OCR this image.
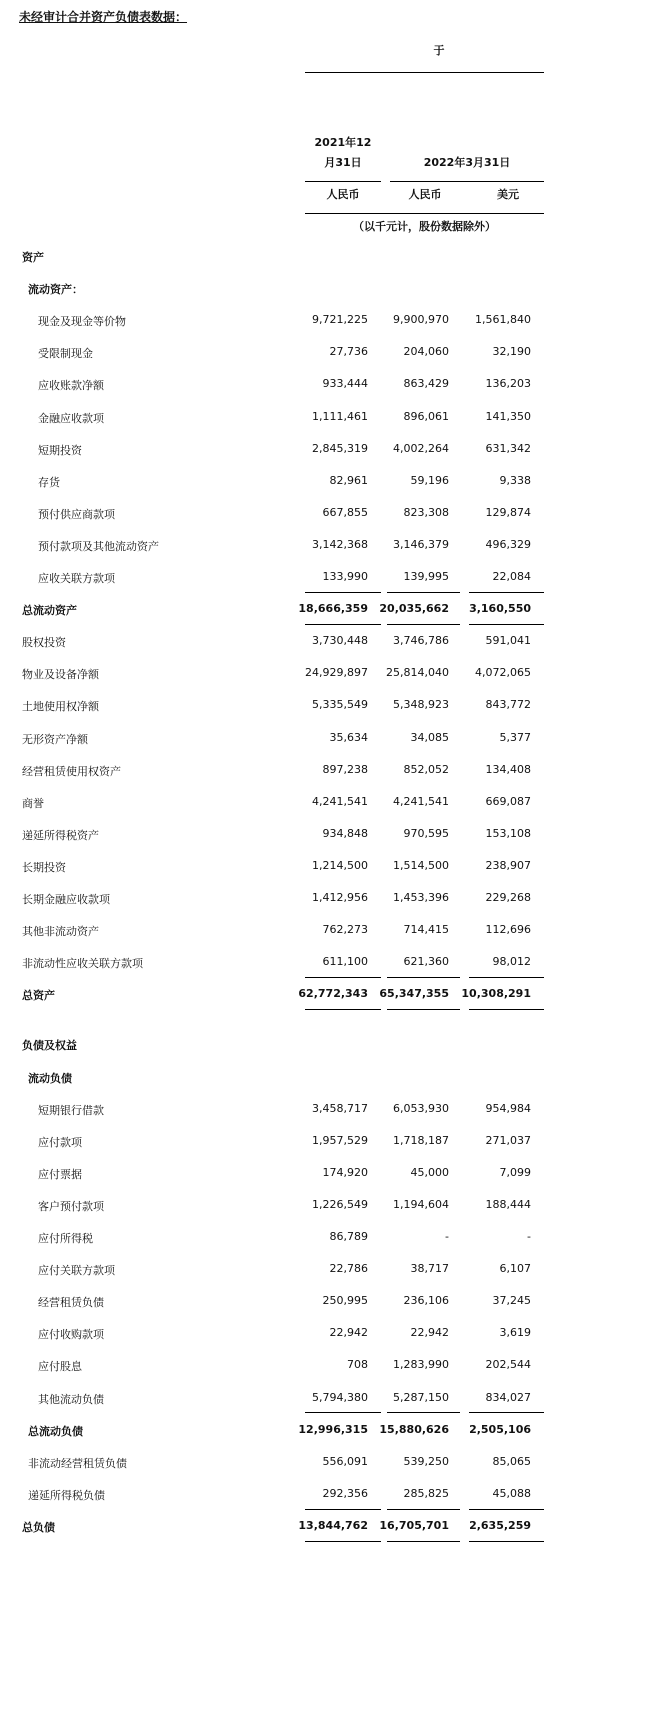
未经审计合并资产负债表数据：
于
2021年12
月31日	2022年3月31日
人民币	人民币	美元
（以千元计，股份数据除外）
资产
流动资产：
现金及现金等价物	9,721,225	9,900,970	1,561,840
受限制现金	27,736	204,060	32,190
应收账款净额	933,444	863,429	136,203
金融应收款项	1,111,461	896,061	141,350
短期投资	2,845,319	4,002,264	631,342
存货	82,961	59,196	9,338
预付供应商款项	667,855	823,308	129,874
预付款项及其他流动资产	3,142,368	3,146,379	496,329
应收关联方款项	133,990	139,995	22,084
总流动资产	18,666,359	20,035,662	3,160,550
股权投资	3,730,448	3,746,786	591,041
物业及设备净额	24,929,897	25,814,040	4,072,065
土地使用权净额	5,335,549	5,348,923	843,772
无形资产净额	35,634	34,085	5,377
经营租赁使用权资产	897,238	852,052	134,408
商誉	4,241,541	4,241,541	669,087
递延所得税资产	934,848	970,595	153,108
长期投资	1,214,500	1,514,500	238,907
长期金融应收款项	1,412,956	1,453,396	229,268
其他非流动资产	762,273	714,415	112,696
非流动性应收关联方款项	611,100	621,360	98,012
总资产	62,772,343	65,347,355	10,308,291
负债及权益
流动负债
短期银行借款	3,458,717	6,053,930	954,984
应付款项	1,957,529	1,718,187	271,037
应付票据	174,920	45,000	7,099
客户预付款项	1,226,549	1,194,604	188,444
应付所得税	86,789	-	-
应付关联方款项	22,786	38,717	6,107
经营租赁负债	250,995	236,106	37,245
应付收购款项	22,942	22,942	3,619
应付股息	708	1,283,990	202,544
其他流动负债	5,794,380	5,287,150	834,027
总流动负债	12,996,315	15,880,626	2,505,106
非流动经营租赁负债	556,091	539,250	85,065
递延所得税负债	292,356	285,825	45,088
总负债	13,844,762	16,705,701	2,635,259
